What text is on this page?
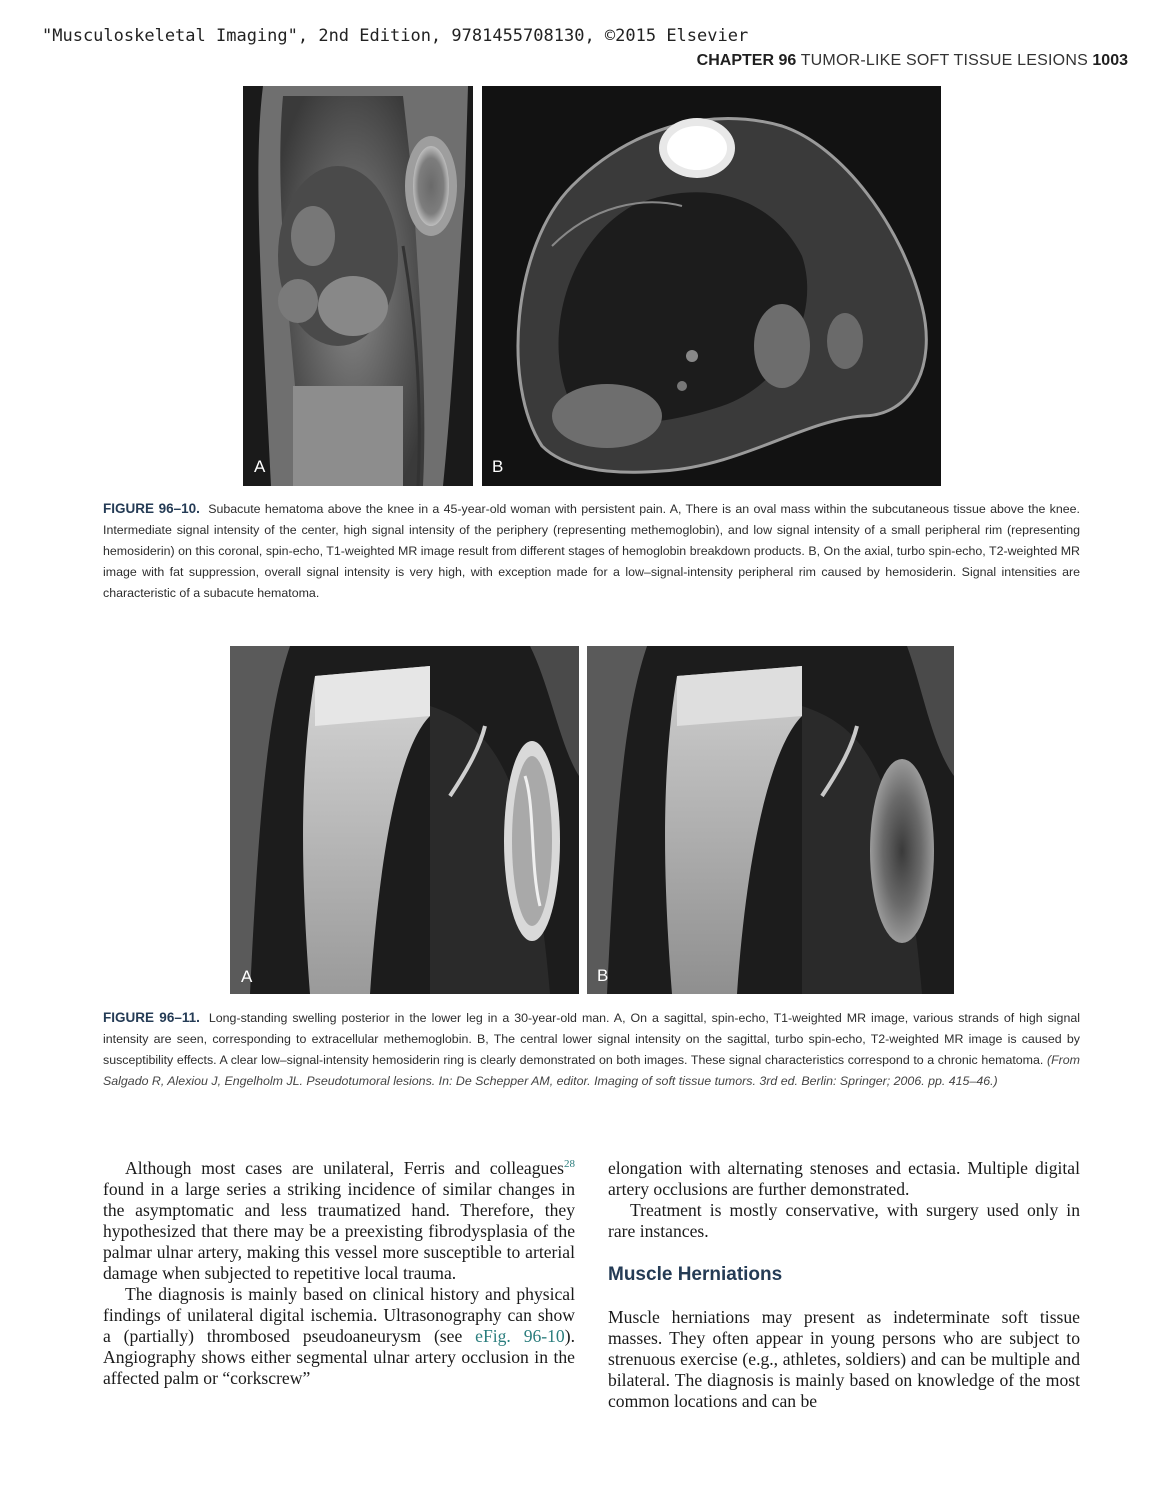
"Musculoskeletal Imaging", 2nd Edition, 9781455708130, ©2015 Elsevier
CHAPTER 96 TUMOR-LIKE SOFT TISSUE LESIONS 1003
A	B
FIGURE 96–10. Subacute hematoma above the knee in a 45-year-old woman with persistent pain. A, There is an oval mass within the subcutaneous tissue above the knee. Intermediate signal intensity of the center, high signal intensity of the periphery (representing methemoglobin), and low signal intensity of a small peripheral rim (representing hemosiderin) on this coronal, spin-echo, T1-weighted MR image result from different stages of hemoglobin breakdown products. B, On the axial, turbo spin-echo, T2-weighted MR image with fat suppression, overall signal intensity is very high, with exception made for a low–signal-intensity peripheral rim caused by hemosiderin. Signal intensities are characteristic of a subacute hematoma.
A	B
FIGURE 96–11. Long-standing swelling posterior in the lower leg in a 30-year-old man. A, On a sagittal, spin-echo, T1-weighted MR image, various strands of high signal intensity are seen, corresponding to extracellular methemoglobin. B, The central lower signal intensity on the sagittal, turbo spin-echo, T2-weighted MR image is caused by susceptibility effects. A clear low–signal-intensity hemosiderin ring is clearly demonstrated on both images. These signal characteristics correspond to a chronic hematoma. (From Salgado R, Alexiou J, Engelholm JL. Pseudotumoral lesions. In: De Schepper AM, editor. Imaging of soft tissue tumors. 3rd ed. Berlin: Springer; 2006. pp. 415–46.)

Although most cases are unilateral, Ferris and colleagues$^{28}$ found in a large series a striking incidence of similar changes in the asymptomatic and less traumatized hand. Therefore, they hypothesized that there may be a preexisting fibrodysplasia of the palmar ulnar artery, making this vessel more susceptible to arterial damage when subjected to repetitive local trauma.

The diagnosis is mainly based on clinical history and physical findings of unilateral digital ischemia. Ultrasonography can show a (partially) thrombosed pseudoaneurysm (see eFig. 96-10). Angiography shows either segmental ulnar artery occlusion in the affected palm or “corkscrew”

elongation with alternating stenoses and ectasia. Multiple digital artery occlusions are further demonstrated.

Treatment is mostly conservative, with surgery used only in rare instances.

Muscle Herniations

Muscle herniations may present as indeterminate soft tissue masses. They often appear in young persons who are subject to strenuous exercise (e.g., athletes, soldiers) and can be multiple and bilateral. The diagnosis is mainly based on knowledge of the most common locations and can be
